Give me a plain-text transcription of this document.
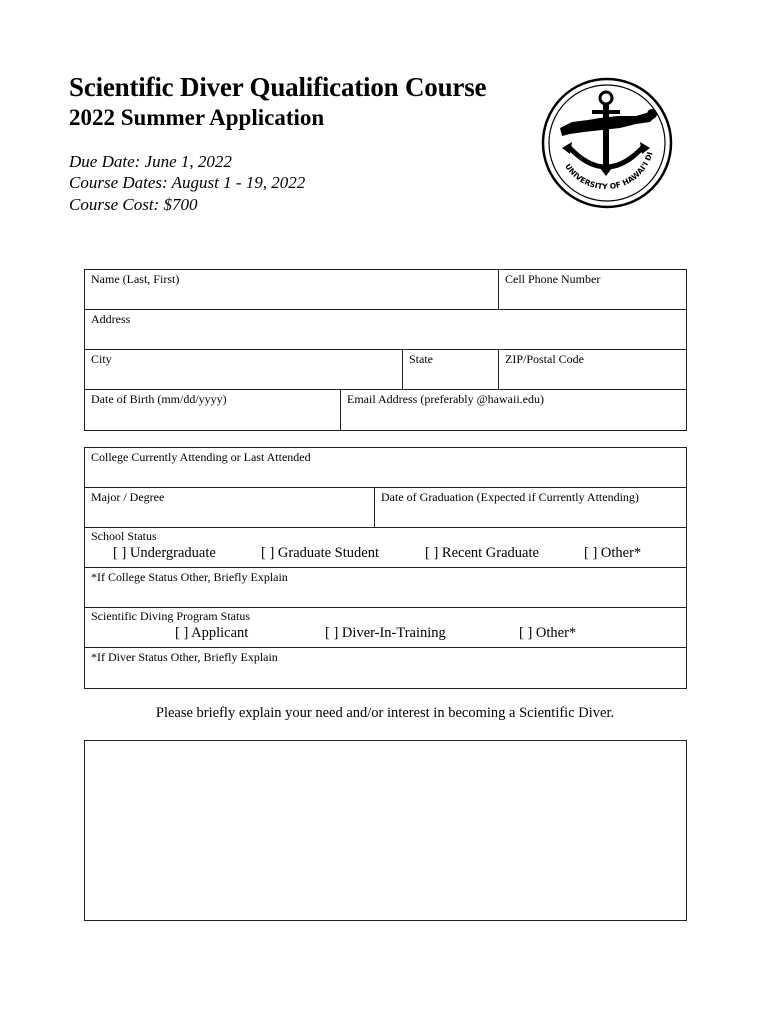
Scientific Diver Qualification Course
2022 Summer Application
Due Date: June 1, 2022
Course Dates: August 1 - 19, 2022
Course Cost: $700
UNIVERSITY OF HAWAI'I DI
Name (Last, First)	Cell Phone Number
Address
City	State	ZIP/Postal Code
Date of Birth (mm/dd/yyyy)	Email Address (preferably @hawaii.edu)
College Currently Attending or Last Attended
Major / Degree	Date of Graduation (Expected if Currently Attending)
School Status
[ ] Undergraduate	[ ] Graduate Student	[ ] Recent Graduate	[ ] Other*
*If College Status Other, Briefly Explain
Scientific Diving Program Status
[ ] Applicant	[ ] Diver-In-Training	[ ] Other*
*If Diver Status Other, Briefly Explain
Please briefly explain your need and/or interest in becoming a Scientific Diver.
